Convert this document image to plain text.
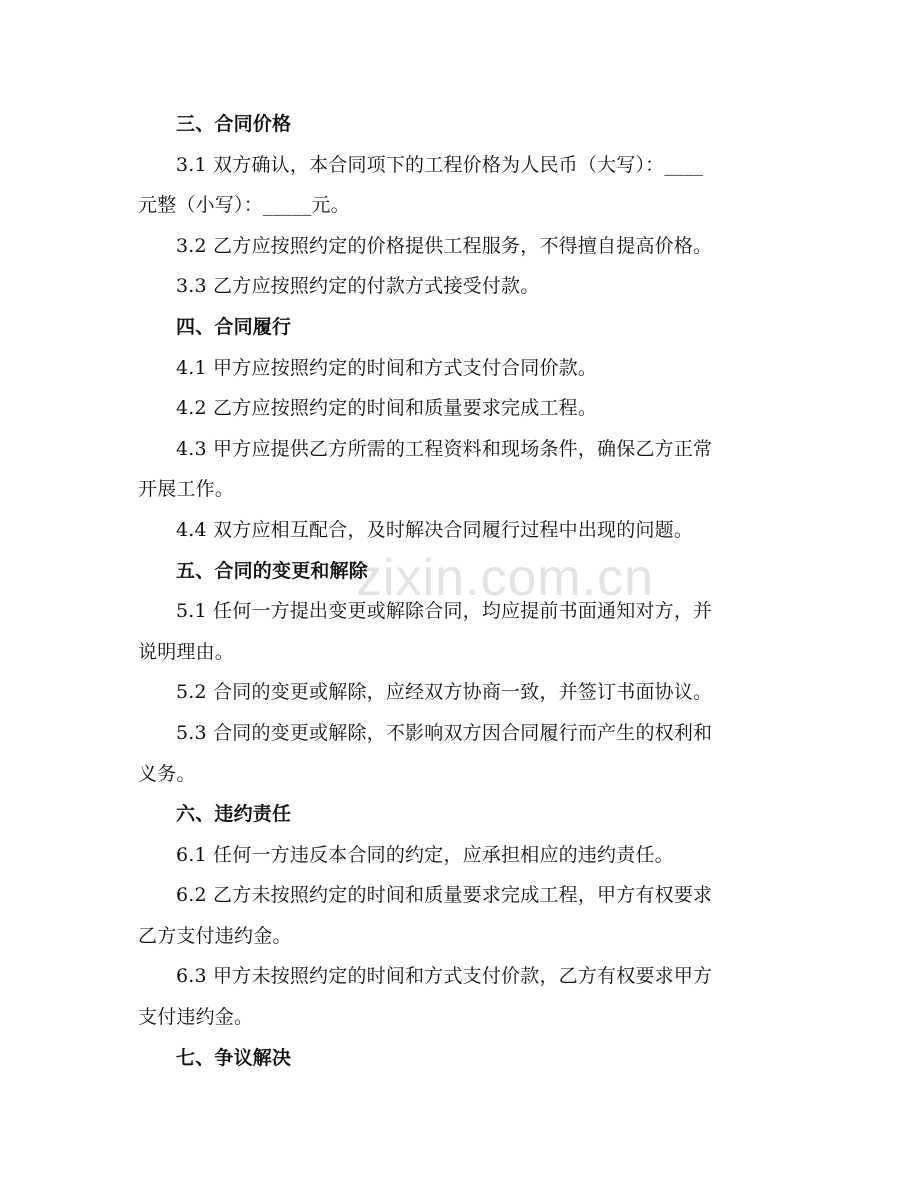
zixin.com.cn
三、合同价格
3.1 双方确认，本合同项下的工程价格为人民币（大写）：____
元整（小写）：_____元。
3.2 乙方应按照约定的价格提供工程服务，不得擅自提高价格。
3.3 乙方应按照约定的付款方式接受付款。
四、合同履行
4.1 甲方应按照约定的时间和方式支付合同价款。
4.2 乙方应按照约定的时间和质量要求完成工程。
4.3 甲方应提供乙方所需的工程资料和现场条件，确保乙方正常
开展工作。
4.4 双方应相互配合，及时解决合同履行过程中出现的问题。
五、合同的变更和解除
5.1 任何一方提出变更或解除合同，均应提前书面通知对方，并
说明理由。
5.2 合同的变更或解除，应经双方协商一致，并签订书面协议。
5.3 合同的变更或解除，不影响双方因合同履行而产生的权利和
义务。
六、违约责任
6.1 任何一方违反本合同的约定，应承担相应的违约责任。
6.2 乙方未按照约定的时间和质量要求完成工程，甲方有权要求
乙方支付违约金。
6.3 甲方未按照约定的时间和方式支付价款，乙方有权要求甲方
支付违约金。
七、争议解决
